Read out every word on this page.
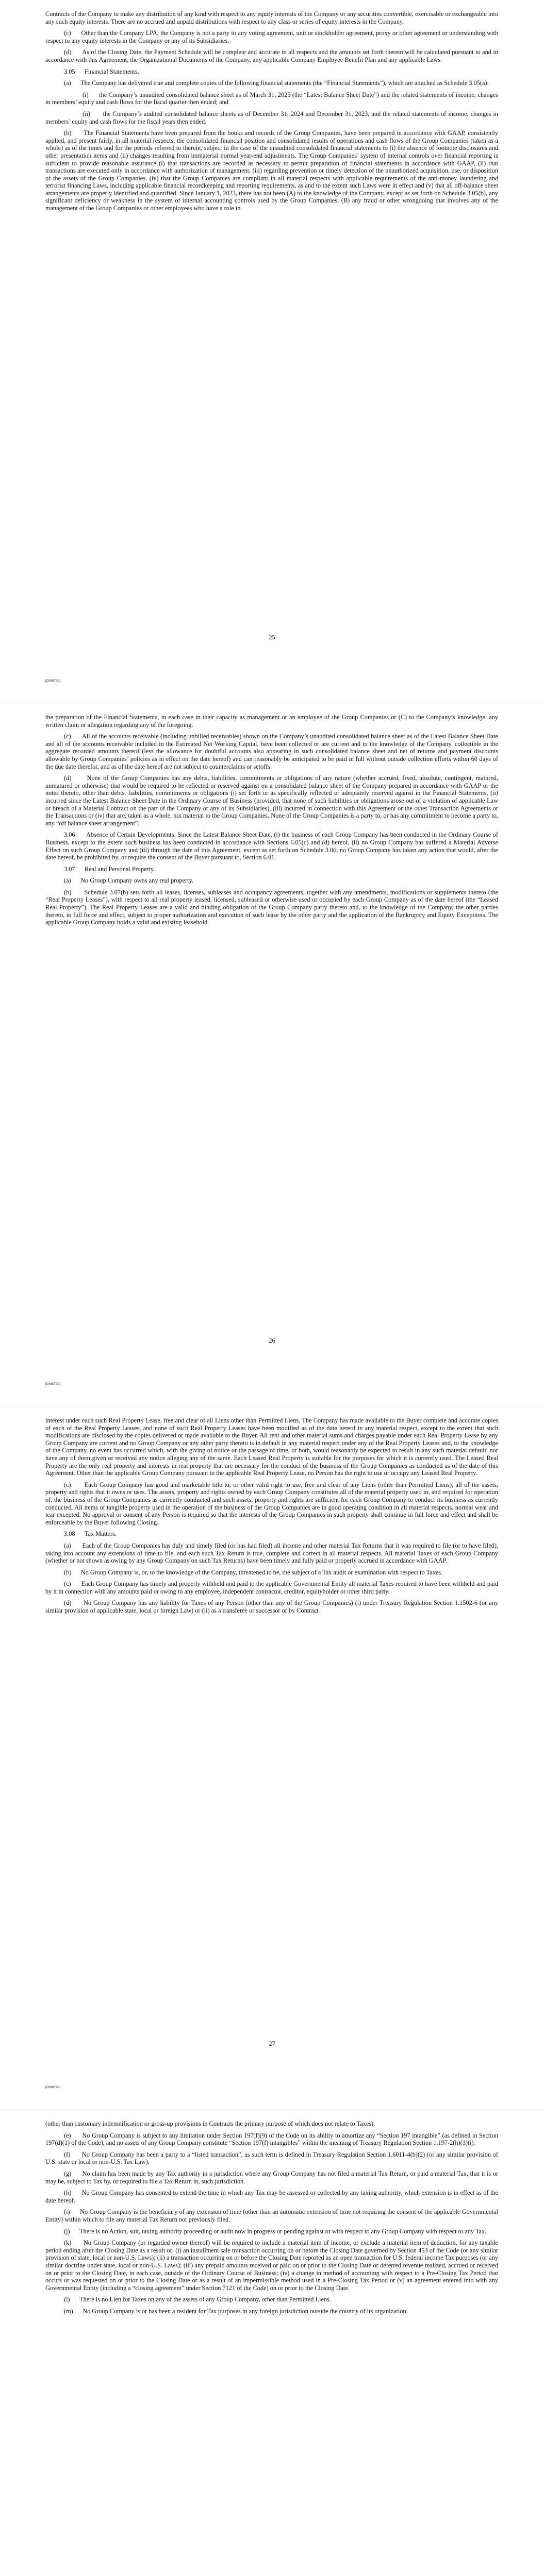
Contracts of the Company to make any distribution of any kind with respect to any equity interests of the Company or any securities convertible, exercisable or exchangeable into any such equity interests. There are no accrued and unpaid distributions with respect to any class or series of equity interests in the Company.

(c)      Other than the Company LPA, the Company is not a party to any voting agreement, unit or stockholder agreement, proxy or other agreement or understanding with respect to any equity interests in the Company or any of its Subsidiaries.

(d)      As of the Closing Date, the Payment Schedule will be complete and accurate in all respects and the amounts set forth therein will be calculated pursuant to and in accordance with this Agreement, the Organizational Documents of the Company, any applicable Company Employee Benefit Plan and any applicable Laws.

3.05      Financial Statements.

(a)      The Company has delivered true and complete copies of the following financial statements (the “Financial Statements”), which are attached as Schedule 3.05(a):

(i)      the Company’s unaudited consolidated balance sheet as of March 31, 2025 (the “Latest Balance Sheet Date”) and the related statements of income, changes in members’ equity and cash flows for the fiscal quarter then ended; and

(ii)      the Company’s audited consolidated balance sheets as of December 31, 2024 and December 31, 2023, and the related statements of income, changes in members’ equity and cash flows for the fiscal years then ended.

(b)      The Financial Statements have been prepared from the books and records of the Group Companies, have been prepared in accordance with GAAP, consistently applied, and present fairly, in all material respects, the consolidated financial position and consolidated results of operations and cash flows of the Group Companies (taken as a whole) as of the times and for the periods referred to therein, subject in the case of the unaudited consolidated financial statements to (i) the absence of footnote disclosures and other presentation items and (ii) changes resulting from immaterial normal year-end adjustments. The Group Companies’ system of internal controls over financial reporting is sufficient to provide reasonable assurance (i) that transactions are recorded as necessary to permit preparation of financial statements in accordance with GAAP, (ii) that transactions are executed only in accordance with authorization of management, (iii) regarding prevention or timely detection of the unauthorized acquisition, use, or disposition of the assets of the Group Companies, (iv) that the Group Companies are compliant in all material respects with applicable requirements of the anti-money laundering and terrorist financing Laws, including applicable financial recordkeeping and reporting requirements, as and to the extent such Laws were in effect and (v) that all off-balance sheet arrangements are properly identified and quantified. Since January 1, 2023, there has not been (A) to the knowledge of the Company, except as set forth on Schedule 3.05(b), any significant deficiency or weakness in the system of internal accounting controls used by the Group Companies, (B) any fraud or other wrongdoing that involves any of the management of the Group Companies or other employees who have a role in

25
[DM8792]

the preparation of the Financial Statements, in each case in their capacity as management or an employee of the Group Companies or (C) to the Company’s knowledge, any written claim or allegation regarding any of the foregoing.

(c)      All of the accounts receivable (including unbilled receivables) shown on the Company’s unaudited consolidated balance sheet as of the Latest Balance Sheet Date and all of the accounts receivable included in the Estimated Net Working Capital, have been collected or are current and to the knowledge of the Company, collectible in the aggregate recorded amounts thereof (less the allowance for doubtful accounts also appearing in such consolidated balance sheet and net of returns and payment discounts allowable by Group Companies’ policies as in effect on the date hereof) and can reasonably be anticipated to be paid in full without outside collection efforts within 60 days of the due date therefor, and as of the date hereof are not subject to counterclaims or setoffs.

(d)      None of the Group Companies has any debts, liabilities, commitments or obligations of any nature (whether accrued, fixed, absolute, contingent, matured, unmatured or otherwise) that would be required to be reflected or reserved against on a consolidated balance sheet of the Company prepared in accordance with GAAP or the notes thereto, other than debts, liabilities, commitments or obligations (i) set forth or as specifically reflected or adequately reserved against in the Financial Statements, (ii) incurred since the Latest Balance Sheet Date in the Ordinary Course of Business (provided, that none of such liabilities or obligations arose out of a violation of applicable Law or breach of a Material Contract on the part of the Company or any of its Subsidiaries), (iii) incurred in connection with this Agreement or the other Transaction Agreements or the Transactions or (iv) that are, taken as a whole, not material to the Group Companies. None of the Group Companies is a party to, or has any commitment to become a party to, any “off balance sheet arrangement”.

3.06      Absence of Certain Developments. Since the Latest Balance Sheet Date, (i) the business of each Group Company has been conducted in the Ordinary Course of Business, except to the extent such business has been conducted in accordance with Sections 6.05(c) and (d) hereof, (ii) no Group Company has suffered a Material Adverse Effect on such Group Company and (iii) through the date of this Agreement, except as set forth on Schedule 3.06, no Group Company has taken any action that would, after the date hereof, be prohibited by, or require the consent of the Buyer pursuant to, Section 6.01.

3.07      Real and Personal Property.

(a)      No Group Company owns any real property.

(b)      Schedule 3.07(b) sets forth all leases, licenses, subleases and occupancy agreements, together with any amendments, modifications or supplements thereto (the “Real Property Leases”), with respect to all real property leased, licensed, subleased or otherwise used or occupied by each Group Company as of the date hereof (the “Leased Real Property”). The Real Property Leases are a valid and binding obligation of the Group Company party thereto and, to the knowledge of the Company, the other parties thereto, in full force and effect, subject to proper authorization and execution of such lease by the other party and the application of the Bankruptcy and Equity Exceptions. The applicable Group Company holds a valid and existing leasehold

26
[DM8792]

interest under each such Real Property Lease, free and clear of all Liens other than Permitted Liens. The Company has made available to the Buyer complete and accurate copies of each of the Real Property Leases, and none of such Real Property Leases have been modified as of the date hereof in any material respect, except to the extent that such modifications are disclosed by the copies delivered or made available to the Buyer. All rent and other material sums and charges payable under each Real Property Lease by any Group Company are current and no Group Company or any other party thereto is in default in any material respect under any of the Real Property Leases and, to the knowledge of the Company, no event has occurred which, with the giving of notice or the passage of time, or both, would reasonably be expected to result in any such material default, nor have any of them given or received any notice alleging any of the same. Each Leased Real Property is suitable for the purposes for which it is currently used. The Leased Real Property are the only real property and interests in real property that are necessary for the conduct of the business of the Group Companies as conducted as of the date of this Agreement. Other than the applicable Group Company pursuant to the applicable Real Property Lease, no Person has the right to use or occupy any Leased Real Property.

(c)      Each Group Company has good and marketable title to, or other valid right to use, free and clear of any Liens (other than Permitted Liens), all of the assets, property and rights that it owns or uses. The assets, property and rights owned by each Group Company constitutes all of the material property used in, and required for operation of, the business of the Group Companies as currently conducted and such assets, property and rights are sufficient for each Group Company to conduct its business as currently conducted. All items of tangible property used in the operation of the business of the Group Companies are in good operating condition in all material respects, normal wear and tear excepted. No approval or consent of any Person is required so that the interests of the Group Companies in such property shall continue in full force and effect and shall be enforceable by the Buyer following Closing.

3.08      Tax Matters.

(a)      Each of the Group Companies has duly and timely filed (or has had filed) all income and other material Tax Returns that it was required to file (or to have filed), taking into account any extensions of time to file, and each such Tax Return is true, complete and correct in all material respects. All material Taxes of each Group Company (whether or not shown as owing by any Group Company on such Tax Returns) have been timely and fully paid or properly accrued in accordance with GAAP.

(b)      No Group Company is, or, to the knowledge of the Company, threatened to be, the subject of a Tax audit or examination with respect to Taxes.

(c)      Each Group Company has timely and properly withheld and paid to the applicable Governmental Entity all material Taxes required to have been withheld and paid by it in connection with any amounts paid or owing to any employee, independent contractor, creditor, equityholder or other third party.

(d)      No Group Company has any liability for Taxes of any Person (other than any of the Group Companies) (i) under Treasury Regulation Section 1.1502-6 (or any similar provision of applicable state, local or foreign Law) or (ii) as a transferee or successor or by Contract

27
[DM8792]

(other than customary indemnification or gross-up provisions in Contracts the primary purpose of which does not relate to Taxes).

(e)      No Group Company is subject to any limitation under Section 197(f)(9) of the Code on its ability to amortize any “Section 197 intangible” (as defined in Section 197(d)(1) of the Code), and no assets of any Group Company constitute “Section 197(f) intangibles” within the meaning of Treasury Regulation Section 1.197-2(h)(1)(i).

(f)      No Group Company has been a party to a “listed transaction”, as such term is defined in Treasury Regulation Section 1.6011-4(b)(2) (or any similar provision of U.S. state or local or non-U.S. Tax Law).

(g)      No claim has been made by any Tax authority in a jurisdiction where any Group Company has not filed a material Tax Return, or paid a material Tax, that it is or may be, subject to Tax by, or required to file a Tax Return in, such jurisdiction.

(h)      No Group Company has consented to extend the time in which any Tax may be assessed or collected by any taxing authority, which extension is in effect as of the date hereof.

(i)      No Group Company is the beneficiary of any extension of time (other than an automatic extension of time not requiring the consent of the applicable Governmental Entity) within which to file any material Tax Return not previously filed.

(j)      There is no Action, suit, taxing authority proceeding or audit now in progress or pending against or with respect to any Group Company with respect to any Tax.

(k)      No Group Company (or regarded owner thereof) will be required to include a material item of income, or exclude a material item of deduction, for any taxable period ending after the Closing Date as a result of: (i) an installment sale transaction occurring on or before the Closing Date governed by Section 453 of the Code (or any similar provision of state, local or non-U.S. Laws); (ii) a transaction occurring on or before the Closing Date reported as an open transaction for U.S. federal income Tax purposes (or any similar doctrine under state, local or non-U.S. Laws); (iii) any prepaid amounts received or paid on or prior to the Closing Date or deferred revenue realized, accrued or received on or prior to the Closing Date, in each case, outside of the Ordinary Course of Business; (iv) a change in method of accounting with respect to a Pre-Closing Tax Period that occurs or was requested on or prior to the Closing Date or as a result of an impermissible method used in a Pre-Closing Tax Period or (v) an agreement entered into with any Governmental Entity (including a “closing agreement” under Section 7121 of the Code) on or prior to the Closing Date.

(l)      There is no Lien for Taxes on any of the assets of any Group Company, other than Permitted Liens.

(m)      No Group Company is or has been a resident for Tax purposes in any foreign jurisdiction outside the country of its organization.
